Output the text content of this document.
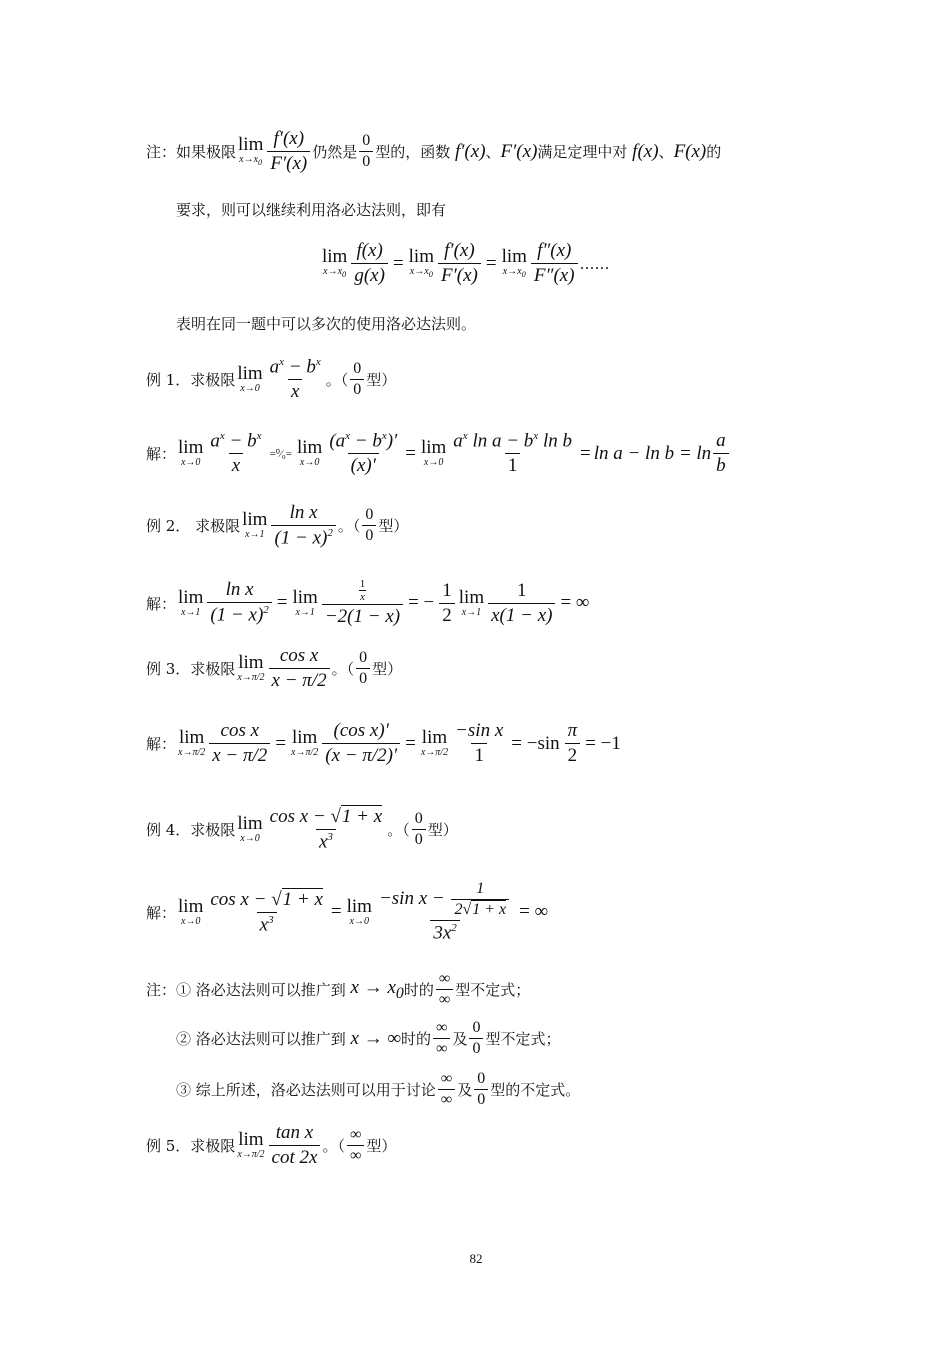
注：如果极限 lim
$x\to x_0 \frac{f'(x)}{F'(x)}$ 仍然是 $\frac{0}{0}$ 型的，函数 f′(x) 、 F′(x) 满足定理中对 f(x) 、 F(x) 的
要求，则可以继续利用洛必达法则，即有
lim
$x\to x_0 \frac{f(x)}{g(x)} = \lim$
$x\to x_0 \frac{f'(x)}{F'(x)} = \lim$
$x\to x_0 \frac{f''(x)}{F''(x)}$ ……
表明在同一题中可以多次的使用洛必达法则。
例 1．求极限 lim
$x\to 0 \frac{a^x - b^x}{x}$ 。（ $\frac{0}{0}$ 型）
解： lim
$x\to 0 \frac{a^x - b^x}{x}$ =⁰⁄₀= lim
$x\to 0 \frac{(a^x - b^x)'}{(x)'} = \lim$
$x\to 0 \frac{a^x \ln a - b^x \ln b}{1} = \ln a - \ln b = \ln \frac{a}{b}$
例 2． 求极限 lim
$x\to 1 \frac{\text{ln x}}{(1 - x)^2}$ 。（ $\frac{0}{0}$ 型）
解： lim
$x\to 1 \frac{\text{ln x}}{(1 - x)^2} = \lim$
$x\to 1 \frac{\frac{1}{x}}{-2(1 - x)}$ = − $\frac{1}{2}$ lim
$x\to 1 \frac{1}{x(1 - x)}$ = ∞
例 3．求极限 lim
$x\to\pi/2 \frac{\text{cos x}}{x - \pi/2}$ 。（ $\frac{0}{0}$ 型）
解： lim
$x\to\pi/2 \frac{\text{cos x}}{x - \pi/2} = \lim$
$x\to\pi/2 \frac{\text{(cos x)′}}{(x - \pi/2)'} = \lim$
$x\to\pi/2 \frac{\text{−sin x}}{1} = -\sin \frac{\pi}{2} = -1$
例 4．求极限 lim
$x\to 0 \frac{\text{cos x − √1 + x}}{x^3}$ 。（ $\frac{0}{0}$ 型）
解： lim
$x\to 0 \frac{\text{cos x − √1 + x}}{x^3} = \lim$
$x\to 0 \frac{-\sin x - \frac{1}{2√1 + x}}{3x^2}$ = ∞
注：① 洛必达法则可以推广到 $x \to x_0$ 时的 $\frac{\infty}{\infty}$ 型不定式；
② 洛必达法则可以推广到 x → ∞ 时的 $\frac{\infty}{\infty}$ 及 $\frac{0}{0}$ 型不定式；
③ 综上所述，洛必达法则可以用于讨论 $\frac{\infty}{\infty}$ 及 $\frac{0}{0}$ 型的不定式。
例 5．求极限 lim
$x\to\pi/2 \frac{\text{tan x}}{\cot 2x}$ 。（ $\frac{\infty}{\infty}$ 型）
82
